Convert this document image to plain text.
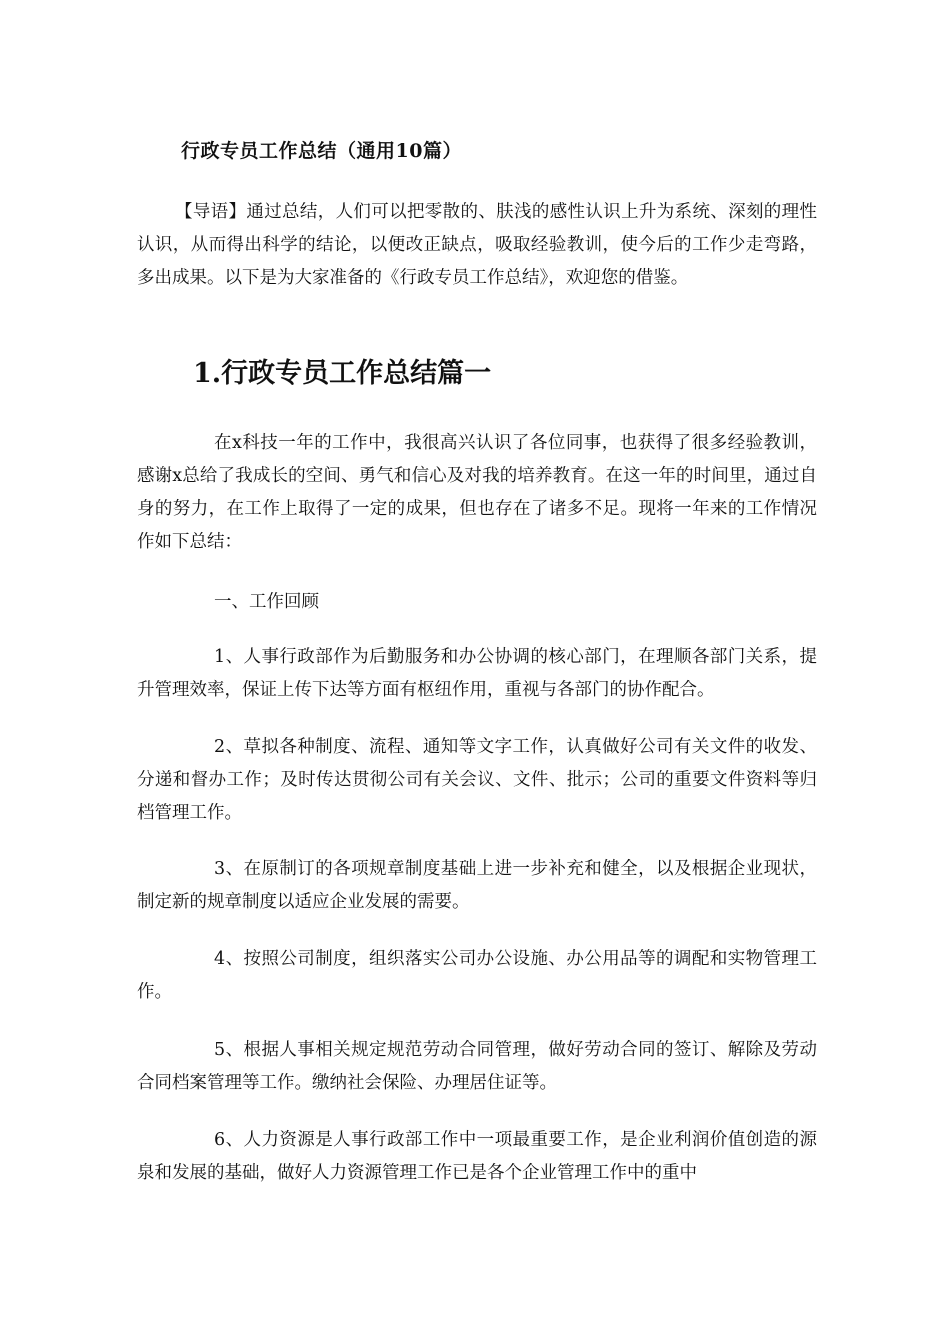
行政专员工作总结（通用10篇）
【导语】通过总结，人们可以把零散的、肤浅的感性认识上升为系统、深刻的理性认识，从而得出科学的结论，以便改正缺点，吸取经验教训，使今后的工作少走弯路，多出成果。以下是为大家准备的《行政专员工作总结》，欢迎您的借鉴。
1.行政专员工作总结篇一
在x科技一年的工作中，我很高兴认识了各位同事，也获得了很多经验教训，感谢x总给了我成长的空间、勇气和信心及对我的培养教育。在这一年的时间里，通过自身的努力，在工作上取得了一定的成果，但也存在了诸多不足。现将一年来的工作情况作如下总结：
一、工作回顾
1、人事行政部作为后勤服务和办公协调的核心部门，在理顺各部门关系，提升管理效率，保证上传下达等方面有枢纽作用，重视与各部门的协作配合。
2、草拟各种制度、流程、通知等文字工作，认真做好公司有关文件的收发、分递和督办工作；及时传达贯彻公司有关会议、文件、批示；公司的重要文件资料等归档管理工作。
3、在原制订的各项规章制度基础上进一步补充和健全，以及根据企业现状，制定新的规章制度以适应企业发展的需要。
4、按照公司制度，组织落实公司办公设施、办公用品等的调配和实物管理工作。
5、根据人事相关规定规范劳动合同管理，做好劳动合同的签订、解除及劳动合同档案管理等工作。缴纳社会保险、办理居住证等。
6、人力资源是人事行政部工作中一项最重要工作，是企业利润价值创造的源泉和发展的基础，做好人力资源管理工作已是各个企业管理工作中的重中
